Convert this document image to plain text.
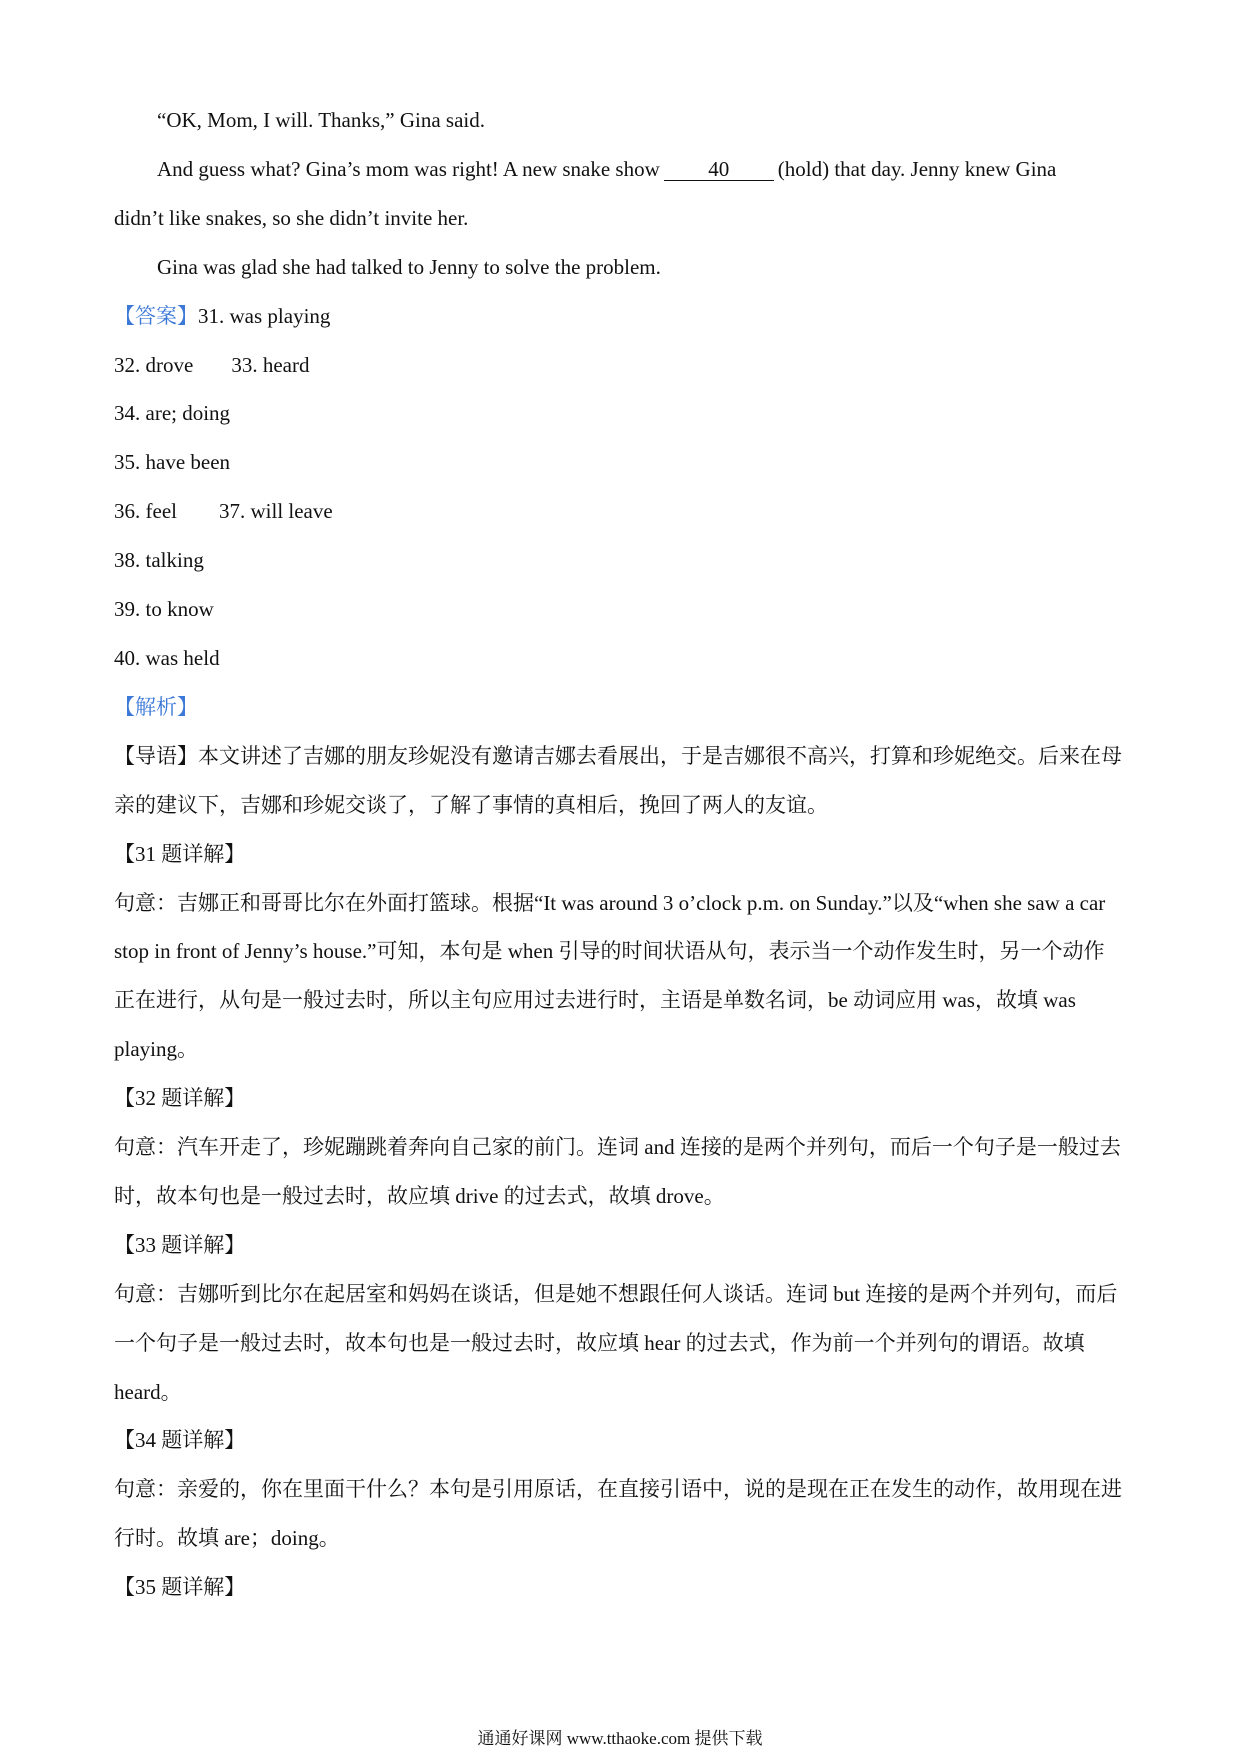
“OK, Mom, I will. Thanks,” Gina said.

And guess what? Gina’s mom was right! A new snake show 40 (hold) that day. Jenny knew Gina

didn’t like snakes, so she didn’t invite her.

Gina was glad she had talked to Jenny to solve the problem.

【答案】31. was playing

32. drove 33. heard

34. are; doing

35. have been

36. feel 37. will leave

38. talking

39. to know

40. was held

【解析】

【导语】本文讲述了吉娜的朋友珍妮没有邀请吉娜去看展出，于是吉娜很不高兴，打算和珍妮绝交。后来在母亲的建议下，吉娜和珍妮交谈了，了解了事情的真相后，挽回了两人的友谊。

【31 题详解】

句意：吉娜正和哥哥比尔在外面打篮球。根据“It was around 3 o’clock p.m. on Sunday.”以及“when she saw a car stop in front of Jenny’s house.”可知，本句是 when 引导的时间状语从句，表示当一个动作发生时，另一个动作正在进行，从句是一般过去时，所以主句应用过去进行时，主语是单数名词，be 动词应用 was，故填 was playing。

【32 题详解】

句意：汽车开走了，珍妮蹦跳着奔向自己家的前门。连词 and 连接的是两个并列句，而后一个句子是一般过去时，故本句也是一般过去时，故应填 drive 的过去式，故填 drove。

【33 题详解】

句意：吉娜听到比尔在起居室和妈妈在谈话，但是她不想跟任何人谈话。连词 but 连接的是两个并列句，而后一个句子是一般过去时，故本句也是一般过去时，故应填 hear 的过去式，作为前一个并列句的谓语。故填 heard。

【34 题详解】

句意：亲爱的，你在里面干什么？本句是引用原话，在直接引语中，说的是现在正在发生的动作，故用现在进行时。故填 are；doing。

【35 题详解】

通通好课网 www.tthaoke.com 提供下载
